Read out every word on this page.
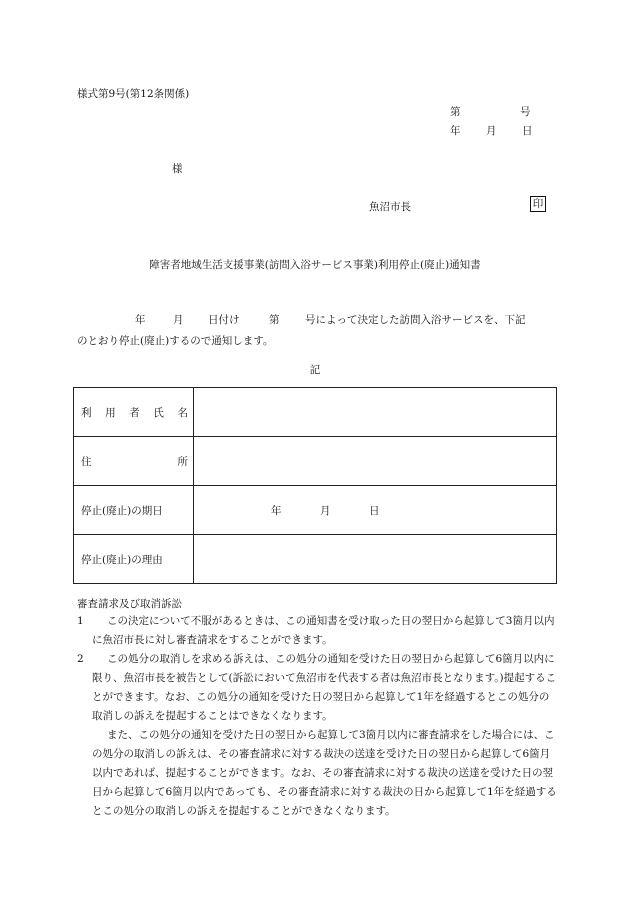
様式第9号(第12条関係)
第	号
年 月 日
様
魚沼市長	印
障害者地域生活支援事業(訪問入浴サービス事業)利用停止(廃止)通知書
年	月 日付け	第 号によって決定した訪問入浴サービスを、下記
のとおり停止(廃止)するので通知します。
記
利 用 者 氏 名	

住 所	

停止(廃止)の期日	年 月 日

停止(廃止)の理由	
審査請求及び取消訴訟
1	この決定について不服があるときは、この通知書を受け取った日の翌日から起算して3箇月以内に魚沼市長に対し審査請求をすることができます。

2	この処分の取消しを求める訴えは、この処分の通知を受けた日の翌日から起算して6箇月以内に限り、魚沼市長を被告として(訴訟において魚沼市を代表する者は魚沼市長となります。)提起することができます。なお、この処分の通知を受けた日の翌日から起算して1年を経過するとこの処分の取消しの訴えを提起することはできなくなります。

また、この処分の通知を受けた日の翌日から起算して3箇月以内に審査請求をした場合には、この処分の取消しの訴えは、その審査請求に対する裁決の送達を受けた日の翌日から起算して6箇月以内であれば、提起することができます。なお、その審査請求に対する裁決の送達を受けた日の翌日から起算して6箇月以内であっても、その審査請求に対する裁決の日から起算して1年を経過するとこの処分の取消しの訴えを提起することができなくなります。
